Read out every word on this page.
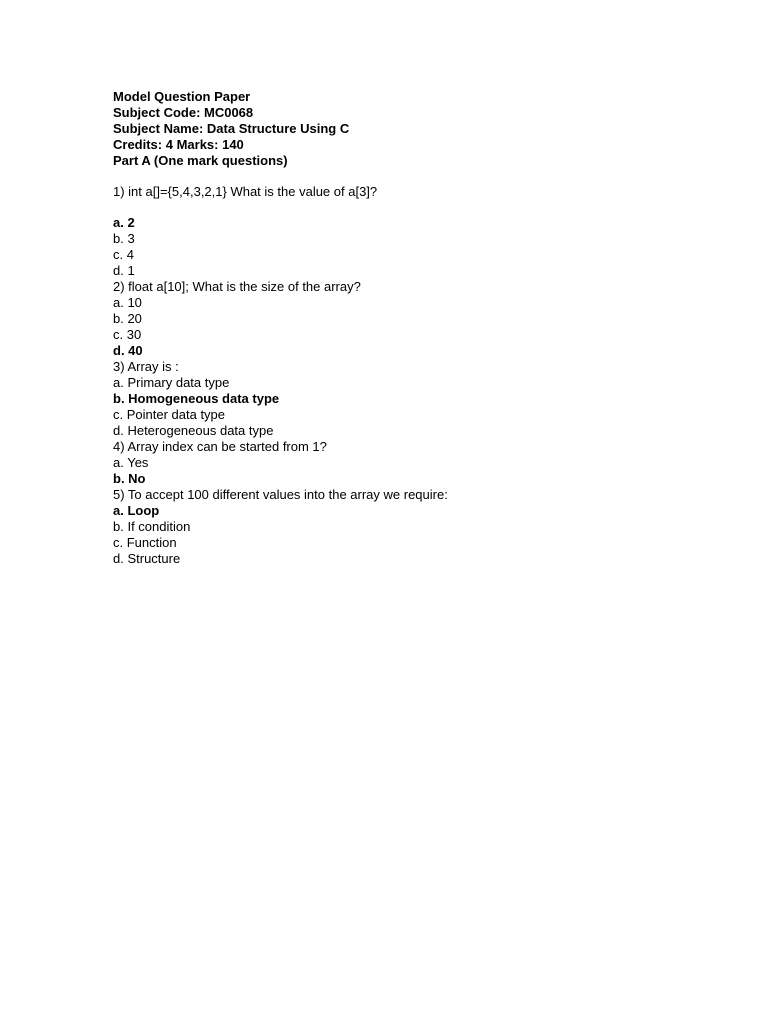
Model Question Paper
Subject Code: MC0068
Subject Name: Data Structure Using C
Credits: 4 Marks: 140
Part A (One mark questions)
1) int a[]={5,4,3,2,1} What is the value of a[3]?
a. 2
b. 3
c. 4
d. 1
2) float a[10]; What is the size of the array?
a. 10
b. 20
c. 30
d. 40
3) Array is :
a. Primary data type
b. Homogeneous data type
c. Pointer data type
d. Heterogeneous data type
4) Array index can be started from 1?
a. Yes
b. No
5) To accept 100 different values into the array we require:
a. Loop
b. If condition
c. Function
d. Structure
